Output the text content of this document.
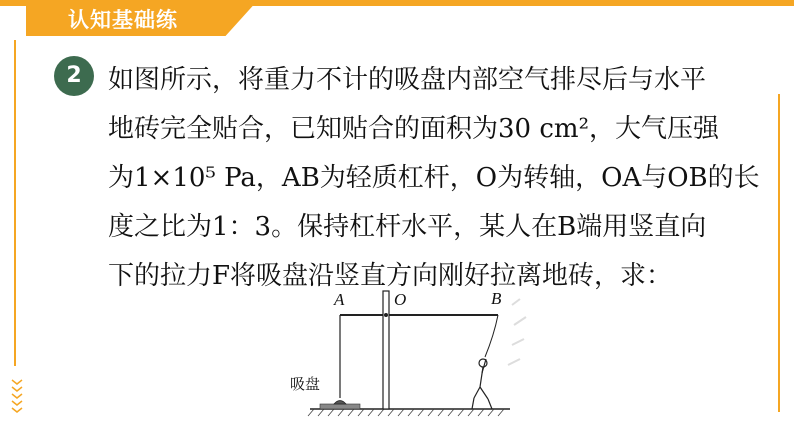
认知基础练
2	如图所示，将重力不计的吸盘内部空气排尽后与水平
地砖完全贴合，已知贴合的面积为30 cm²，大气压强
为1×10⁵ Pa，AB为轻质杠杆，O为转轴，OA与OB的长
度之比为1：3。保持杠杆水平，某人在B端用竖直向
下的拉力F将吸盘沿竖直方向刚好拉离地砖，求：
A	O	B
吸盘
